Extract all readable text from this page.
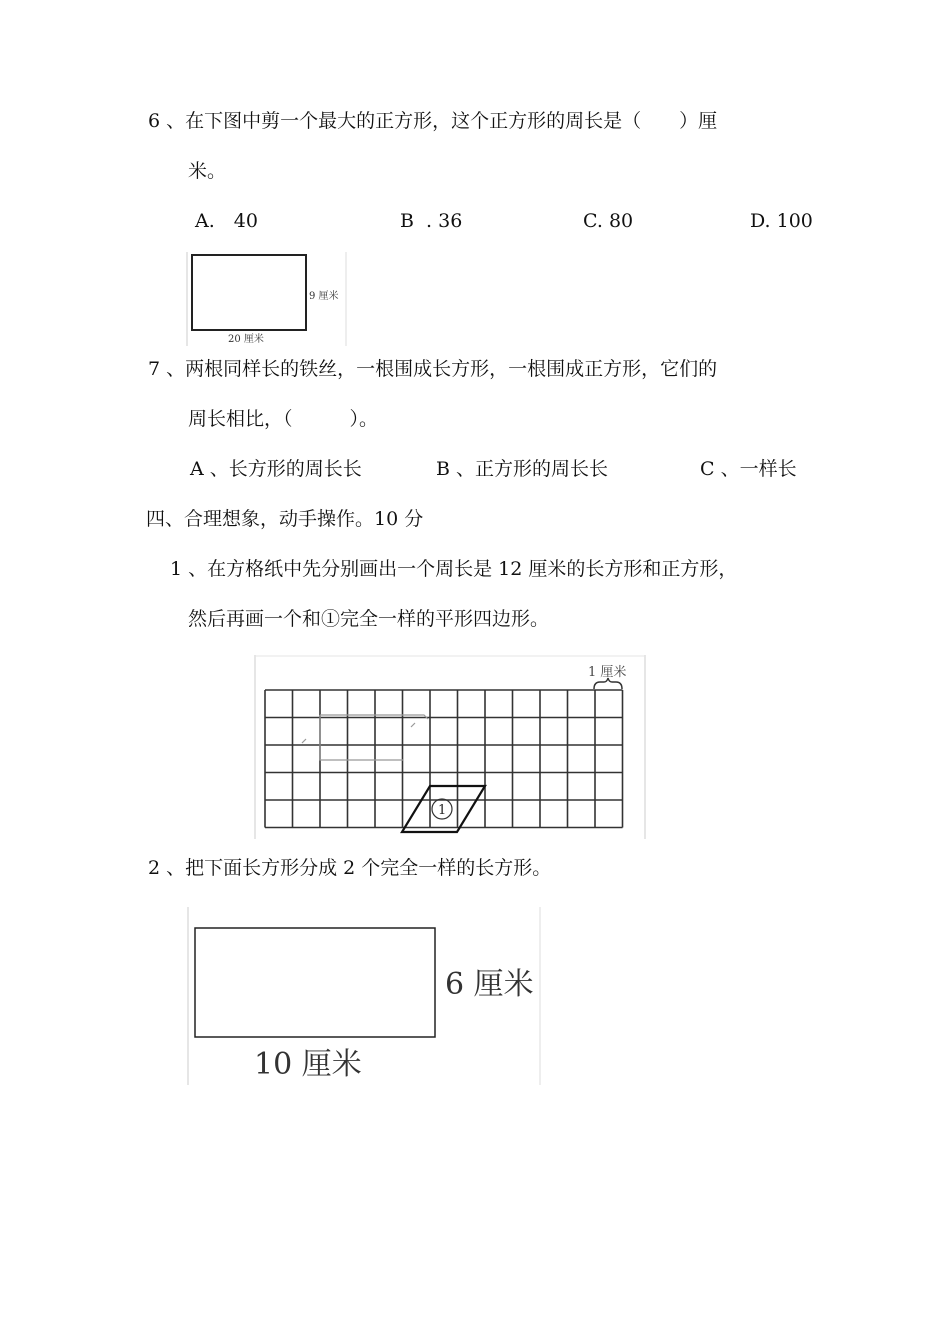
6 、在下图中剪一个最大的正方形，这个正方形的周长是（　　）厘
米。
A.　40	B  . 36	C. 80	D. 100
9 厘米
20 厘米
7 、两根同样长的铁丝，一根围成长方形，一根围成正方形，它们的
周长相比，（　　　）。
A 、长方形的周长长	B 、正方形的周长长	C 、一样长
四、合理想象，动手操作。10 分
1 、在方格纸中先分别画出一个周长是 12 厘米的长方形和正方形，
然后再画一个和①完全一样的平形四边形。
1
1 厘米
2 、把下面长方形分成 2 个完全一样的长方形。
6 厘米
10 厘米
